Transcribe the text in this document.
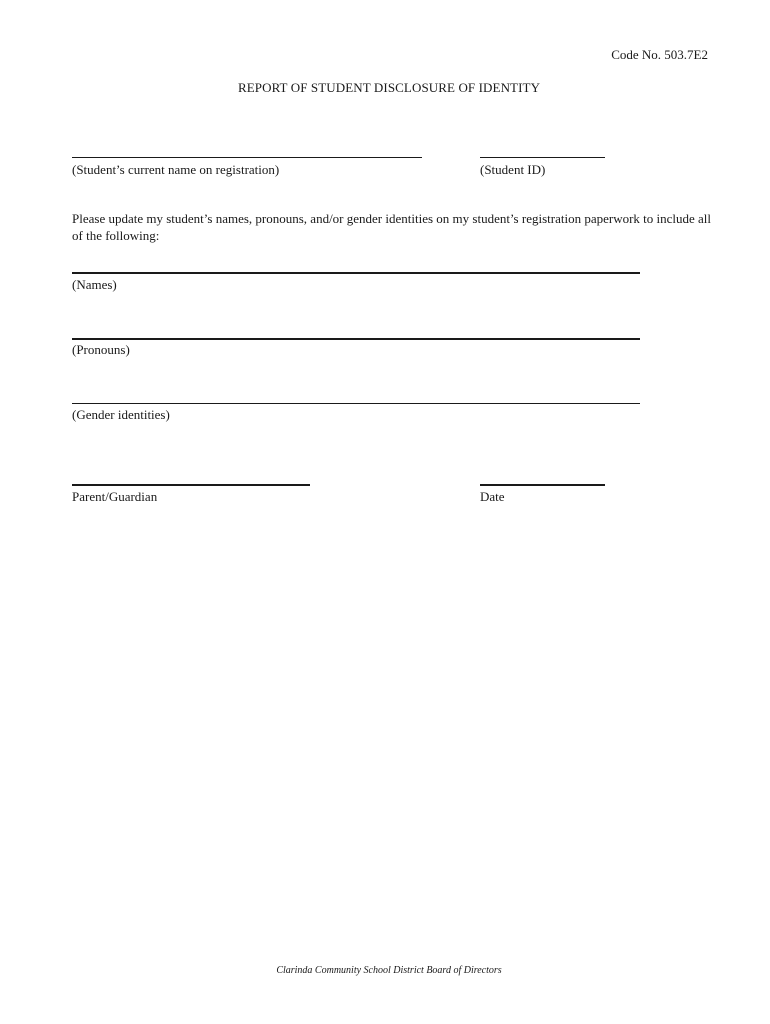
Code No. 503.7E2
REPORT OF STUDENT DISCLOSURE OF IDENTITY
(Student’s current name on registration)	(Student ID)
Please update my student’s names, pronouns, and/or gender identities on my student’s registration paperwork to include all of the following:
(Names)
(Pronouns)
(Gender identities)
Parent/Guardian	Date
Clarinda Community School District Board of Directors
